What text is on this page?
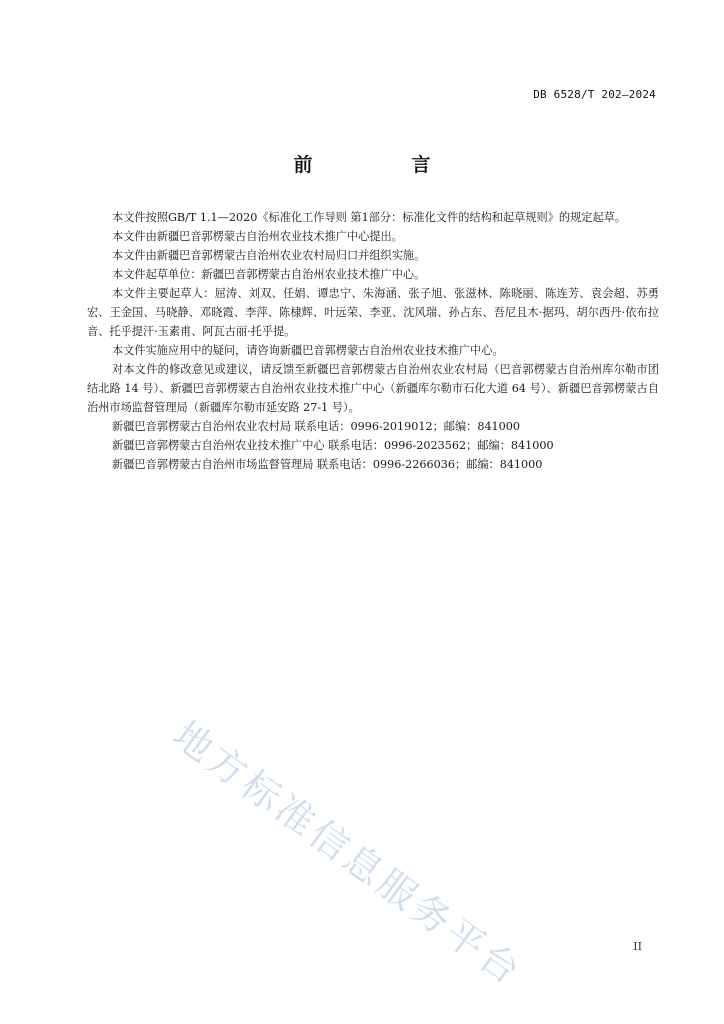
DB 6528/T 202—2024
前　言

本文件按照GB/T 1.1—2020《标准化工作导则 第1部分：标准化文件的结构和起草规则》的规定起草。

本文件由新疆巴音郭楞蒙古自治州农业技术推广中心提出。

本文件由新疆巴音郭楞蒙古自治州农业农村局归口并组织实施。

本文件起草单位：新疆巴音郭楞蒙古自治州农业技术推广中心。

本文件主要起草人：屈涛、刘双、任娟、谭忠宁、朱海涵、张子旭、张滋林、陈晓丽、陈连芳、袁会超、苏勇宏、王金国、马晓静、邓晓霞、李萍、陈棣辉、叶远荣、李亚、沈风瑞、孙占东、吾尼且木·据玛、胡尔西丹·依布拉音、托乎提汗·玉素甫、阿瓦古丽·托乎提。

本文件实施应用中的疑问，请咨询新疆巴音郭楞蒙古自治州农业技术推广中心。

对本文件的修改意见或建议，请反馈至新疆巴音郭楞蒙古自治州农业农村局（巴音郭楞蒙古自治州库尔勒市团结北路 14 号）、新疆巴音郭楞蒙古自治州农业技术推广中心（新疆库尔勒市石化大道 64 号）、新疆巴音郭楞蒙古自治州市场监督管理局（新疆库尔勒市延安路 27-1 号）。

新疆巴音郭楞蒙古自治州农业农村局 联系电话：0996-2019012；邮编：841000

新疆巴音郭楞蒙古自治州农业技术推广中心 联系电话：0996-2023562；邮编：841000

新疆巴音郭楞蒙古自治州市场监督管理局 联系电话：0996-2266036；邮编：841000

地方标准信息服务平台	II
